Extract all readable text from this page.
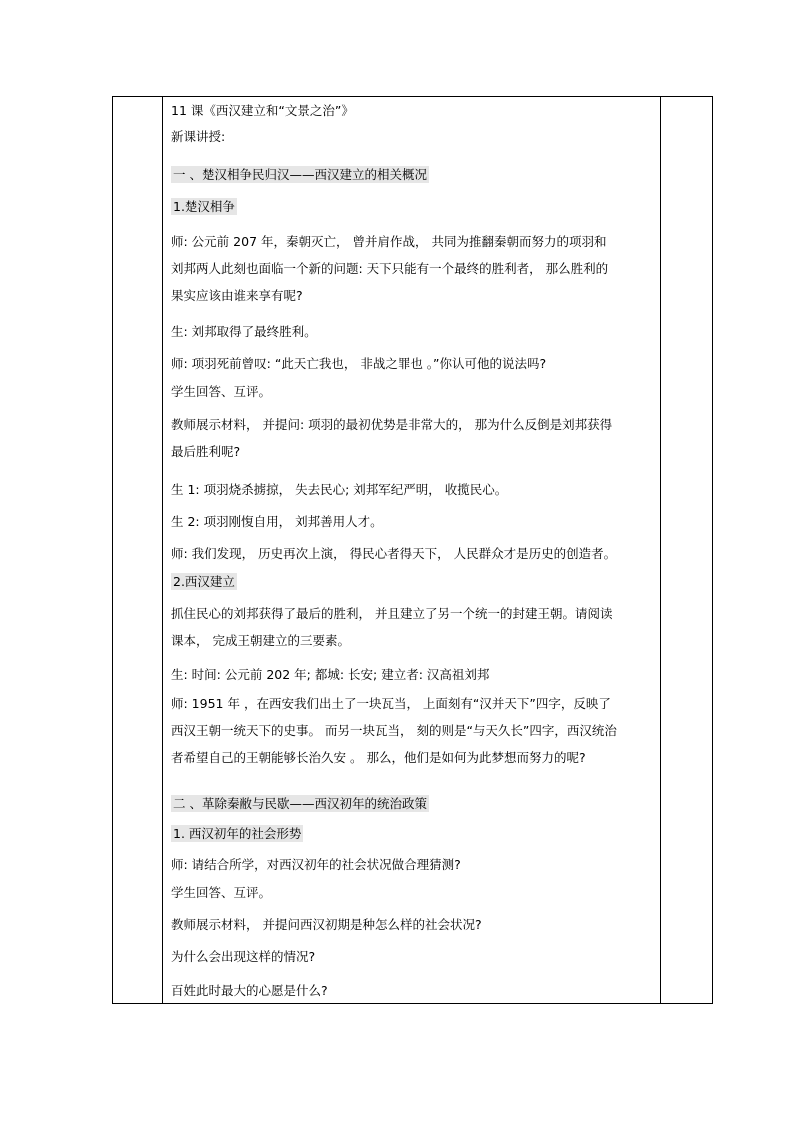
11 课《西汉建立和“文景之治”》
新课讲授:
一 、楚汉相争民归汉——西汉建立的相关概况
1.楚汉相争
师: 公元前 207 年，秦朝灭亡， 曾并肩作战， 共同为推翻秦朝而努力的项羽和
刘邦两人此刻也面临一个新的问题: 天下只能有一个最终的胜利者， 那么胜利的
果实应该由谁来享有呢?
生: 刘邦取得了最终胜利。
师: 项羽死前曾叹: “此天亡我也， 非战之罪也 。”你认可他的说法吗?
学生回答、互评。
教师展示材料， 并提问: 项羽的最初优势是非常大的， 那为什么反倒是刘邦获得
最后胜利呢?
生 1: 项羽烧杀掳掠， 失去民心; 刘邦军纪严明， 收揽民心。
生 2: 项羽刚愎自用， 刘邦善用人才。
师: 我们发现， 历史再次上演， 得民心者得天下， 人民群众才是历史的创造者。
2.西汉建立
抓住民心的刘邦获得了最后的胜利， 并且建立了另一个统一的封建王朝。请阅读
课本， 完成王朝建立的三要素。
生: 时间: 公元前 202 年; 都城: 长安; 建立者: 汉高祖刘邦
师: 1951 年 ，在西安我们出土了一块瓦当， 上面刻有“汉并天下”四字，反映了
西汉王朝一统天下的史事。 而另一块瓦当， 刻的则是“与天久长”四字，西汉统治
者希望自己的王朝能够长治久安 。 那么，他们是如何为此梦想而努力的呢?
二 、革除秦敝与民歇——西汉初年的统治政策
1. 西汉初年的社会形势
师: 请结合所学，对西汉初年的社会状况做合理猜测?
学生回答、互评。
教师展示材料， 并提问西汉初期是种怎么样的社会状况?
为什么会出现这样的情况?
百姓此时最大的心愿是什么?
